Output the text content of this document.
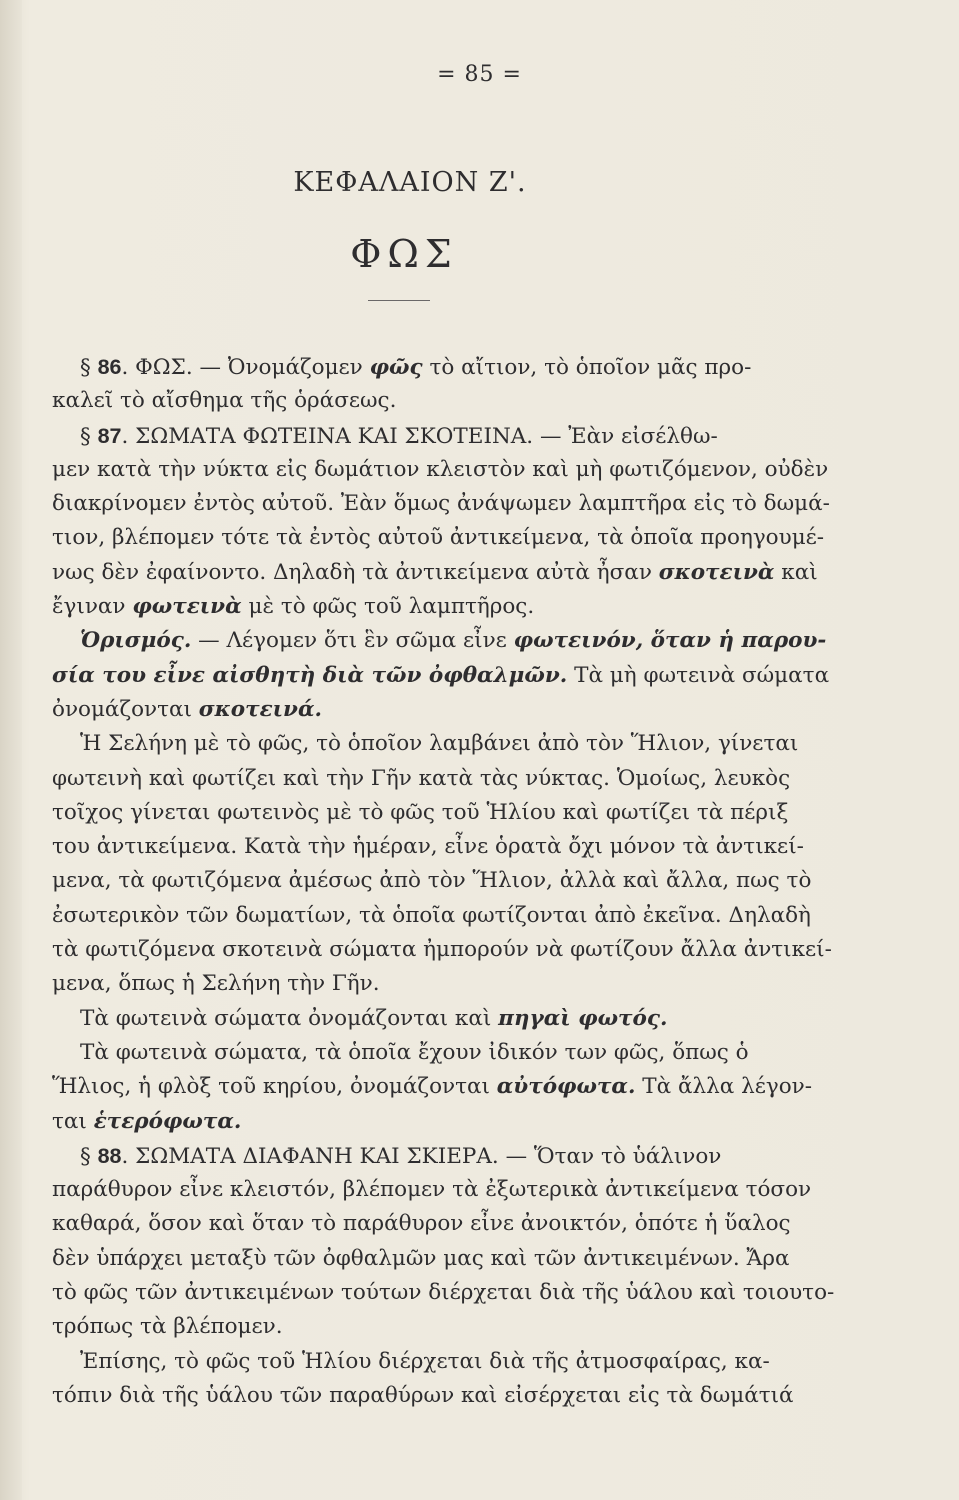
= 85 =
ΚΕΦΑΛΑΙΟΝ Ζ'.
ΦΩΣ
§ 86. ΦΩΣ. — Ὀνομάζομεν φῶς τὸ αἴτιον, τὸ ὁποῖον μᾶς προ-
καλεῖ τὸ αἴσθημα τῆς ὁράσεως.
§ 87. ΣΩΜΑΤΑ ΦΩΤΕΙΝΑ ΚΑΙ ΣΚΟΤΕΙΝΑ. — Ἐὰν εἰσέλθω-
μεν κατὰ τὴν νύκτα εἰς δωμάτιον κλειστὸν καὶ μὴ φωτιζόμενον, οὐδὲν
διακρίνομεν ἐντὸς αὐτοῦ. Ἐὰν ὅμως ἀνάψωμεν λαμπτῆρα εἰς τὸ δωμά-
τιον, βλέπομεν τότε τὰ ἐντὸς αὐτοῦ ἀντικείμενα, τὰ ὁποῖα προηγουμέ-
νως δὲν ἐφαίνοντο. Δηλαδὴ τὰ ἀντικείμενα αὐτὰ ἦσαν σκοτεινὰ καὶ
ἔγιναν φωτεινὰ μὲ τὸ φῶς τοῦ λαμπτῆρος.
Ὁρισμός. — Λέγομεν ὅτι ἓν σῶμα εἶνε φωτεινόν, ὅταν ἡ παρου-
σία του εἶνε αἰσθητὴ διὰ τῶν ὀφθαλμῶν. Τὰ μὴ φωτεινὰ σώματα
ὀνομάζονται σκοτεινά.
Ἡ Σελήνη μὲ τὸ φῶς, τὸ ὁποῖον λαμβάνει ἀπὸ τὸν Ἥλιον, γίνεται
φωτεινὴ καὶ φωτίζει καὶ τὴν Γῆν κατὰ τὰς νύκτας. Ὁμοίως, λευκὸς
τοῖχος γίνεται φωτεινὸς μὲ τὸ φῶς τοῦ Ἡλίου καὶ φωτίζει τὰ πέριξ
του ἀντικείμενα. Κατὰ τὴν ἡμέραν, εἶνε ὁρατὰ ὄχι μόνον τὰ ἀντικεί-
μενα, τὰ φωτιζόμενα ἀμέσως ἀπὸ τὸν Ἥλιον, ἀλλὰ καὶ ἄλλα, πως τὸ
ἐσωτερικὸν τῶν δωματίων, τὰ ὁποῖα φωτίζονται ἀπὸ ἐκεῖνα. Δηλαδὴ
τὰ φωτιζόμενα σκοτεινὰ σώματα ἠμπορούν νὰ φωτίζουν ἄλλα ἀντικεί-
μενα, ὅπως ἡ Σελήνη τὴν Γῆν.
Τὰ φωτεινὰ σώματα ὀνομάζονται καὶ πηγαὶ φωτός.
Τὰ φωτεινὰ σώματα, τὰ ὁποῖα ἔχουν ἰδικόν των φῶς, ὅπως ὁ
Ἥλιος, ἡ φλὸξ τοῦ κηρίου, ὀνομάζονται αὐτόφωτα. Τὰ ἄλλα λέγον-
ται ἑτερόφωτα.
§ 88. ΣΩΜΑΤΑ ΔΙΑΦΑΝΗ ΚΑΙ ΣΚΙΕΡΑ. — Ὅταν τὸ ὑάλινον
παράθυρον εἶνε κλειστόν, βλέπομεν τὰ ἐξωτερικὰ ἀντικείμενα τόσον
καθαρά, ὅσον καὶ ὅταν τὸ παράθυρον εἶνε ἀνοικτόν, ὁπότε ἡ ὕαλος
δὲν ὑπάρχει μεταξὺ τῶν ὀφθαλμῶν μας καὶ τῶν ἀντικειμένων. Ἄρα
τὸ φῶς τῶν ἀντικειμένων τούτων διέρχεται διὰ τῆς ὑάλου καὶ τοιουτο-
τρόπως τὰ βλέπομεν.
Ἐπίσης, τὸ φῶς τοῦ Ἡλίου διέρχεται διὰ τῆς ἀτμοσφαίρας, κα-
τόπιν διὰ τῆς ὑάλου τῶν παραθύρων καὶ εἰσέρχεται εἰς τὰ δωμάτιά
